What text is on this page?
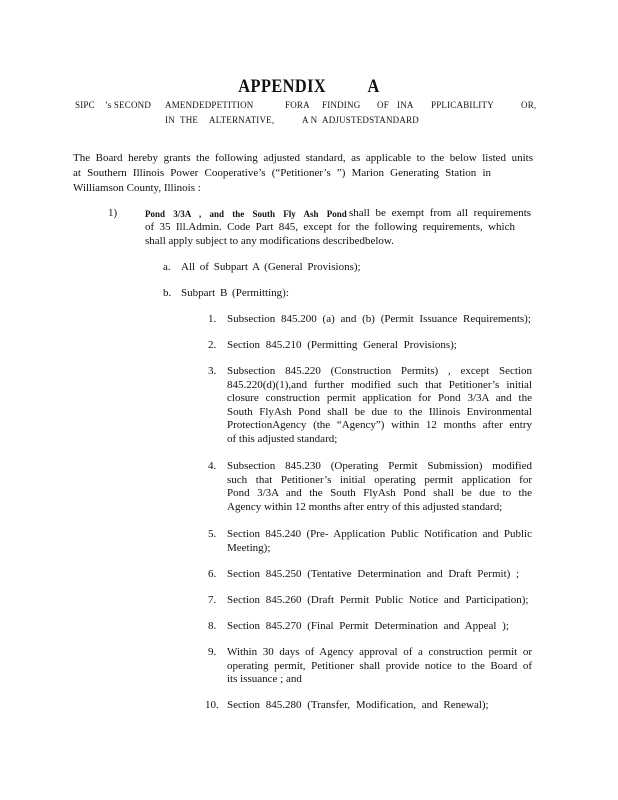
APPENDIX A
SIPC ’s SECOND AMENDEDPETITION	FORA FINDING OF INA PPLICABILITY	OR,
IN THE ALTERNATIVE,	A N ADJUSTEDSTANDARD
The Board hereby grants the following adjusted standard, as applicable to the below listed units
at Southern Illinois Power Cooperative’s (“Petitioner’s ”) Marion Generating Station in
Williamson County, Illinois :
1)	Pond 3/3A , and the South Fly Ash Pond shall be exempt from all requirements
of 35 Ill.Admin. Code Part 845, except for the following requirements, which
shall apply subject to any modifications describedbelow.
a. All of Subpart A (General Provisions);
b. Subpart B (Permitting):
1. Subsection 845.200 (a) and (b) (Permit Issuance Requirements);
2. Section 845.210 (Permitting General Provisions);
3. Subsection 845.220 (Construction Permits) , except Section
845.220(d)(1),and further modified such that Petitioner’s initial
closure construction permit application for Pond 3/3A and the
South FlyAsh Pond shall be due to the Illinois Environmental
ProtectionAgency (the “Agency”) within 12 months after entry
of this adjusted standard;
4. Subsection 845.230 (Operating Permit Submission) modified
such that Petitioner’s initial operating permit application for
Pond 3/3A and the South FlyAsh Pond shall be due to the
Agency within 12 months after entry of this adjusted standard;
5. Section 845.240 (Pre- Application Public Notification and Public
Meeting);
6. Section 845.250 (Tentative Determination and Draft Permit) ;
7. Section 845.260 (Draft Permit Public Notice and Participation);
8. Section 845.270 (Final Permit Determination and Appeal );
9. Within 30 days of Agency approval of a construction permit or
operating permit, Petitioner shall provide notice to the Board of
its issuance ; and
10. Section 845.280 (Transfer, Modification, and Renewal);
